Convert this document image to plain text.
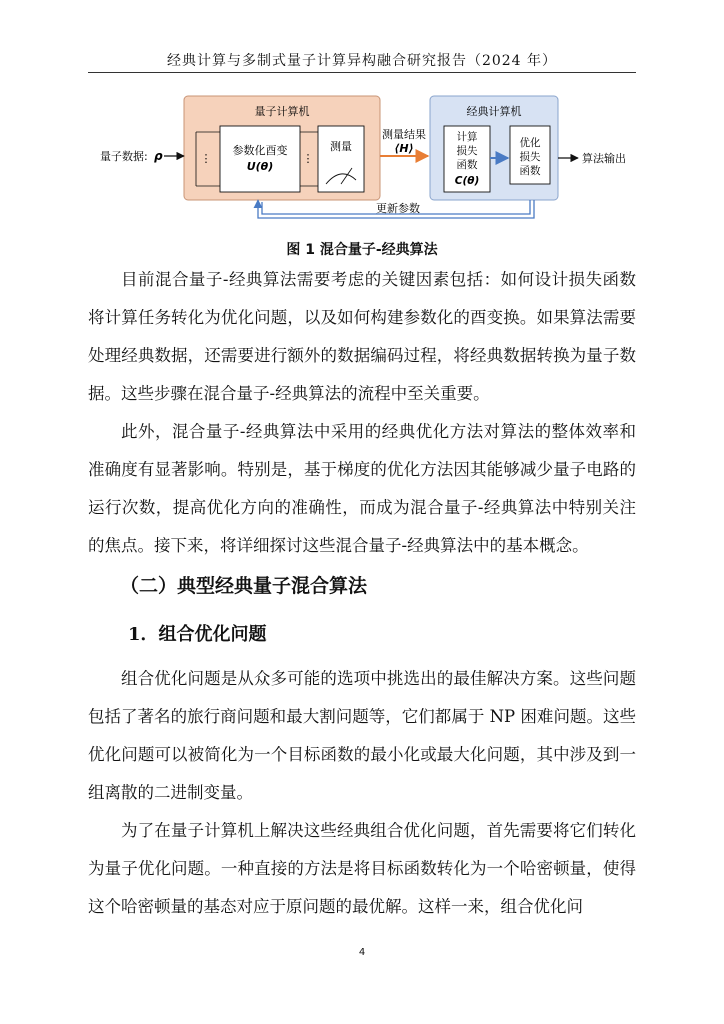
经典计算与多制式量子计算异构融合研究报告（2024 年）
量子数据: ρ
量子计算机
⋮
参数化酉变
U(θ)
⋮
测量
测量结果
⟨H⟩
经典计算机
计算
损失
函数
C(θ)
优化
损失
函数
算法输出
更新参数
图 1 混合量子-经典算法

目前混合量子-经典算法需要考虑的关键因素包括：如何设计损失函数将计算任务转化为优化问题，以及如何构建参数化的酉变换。如果算法需要处理经典数据，还需要进行额外的数据编码过程，将经典数据转换为量子数据。这些步骤在混合量子-经典算法的流程中至关重要。

此外，混合量子-经典算法中采用的经典优化方法对算法的整体效率和准确度有显著影响。特别是，基于梯度的优化方法因其能够减少量子电路的运行次数，提高优化方向的准确性，而成为混合量子-经典算法中特别关注的焦点。接下来，将详细探讨这些混合量子-经典算法中的基本概念。

（二）典型经典量子混合算法
1．组合优化问题

组合优化问题是从众多可能的选项中挑选出的最佳解决方案。这些问题包括了著名的旅行商问题和最大割问题等，它们都属于 NP 困难问题。这些优化问题可以被简化为一个目标函数的最小化或最大化问题，其中涉及到一组离散的二进制变量。

为了在量子计算机上解决这些经典组合优化问题，首先需要将它们转化为量子优化问题。一种直接的方法是将目标函数转化为一个哈密顿量，使得这个哈密顿量的基态对应于原问题的最优解。这样一来，组合优化问

4
